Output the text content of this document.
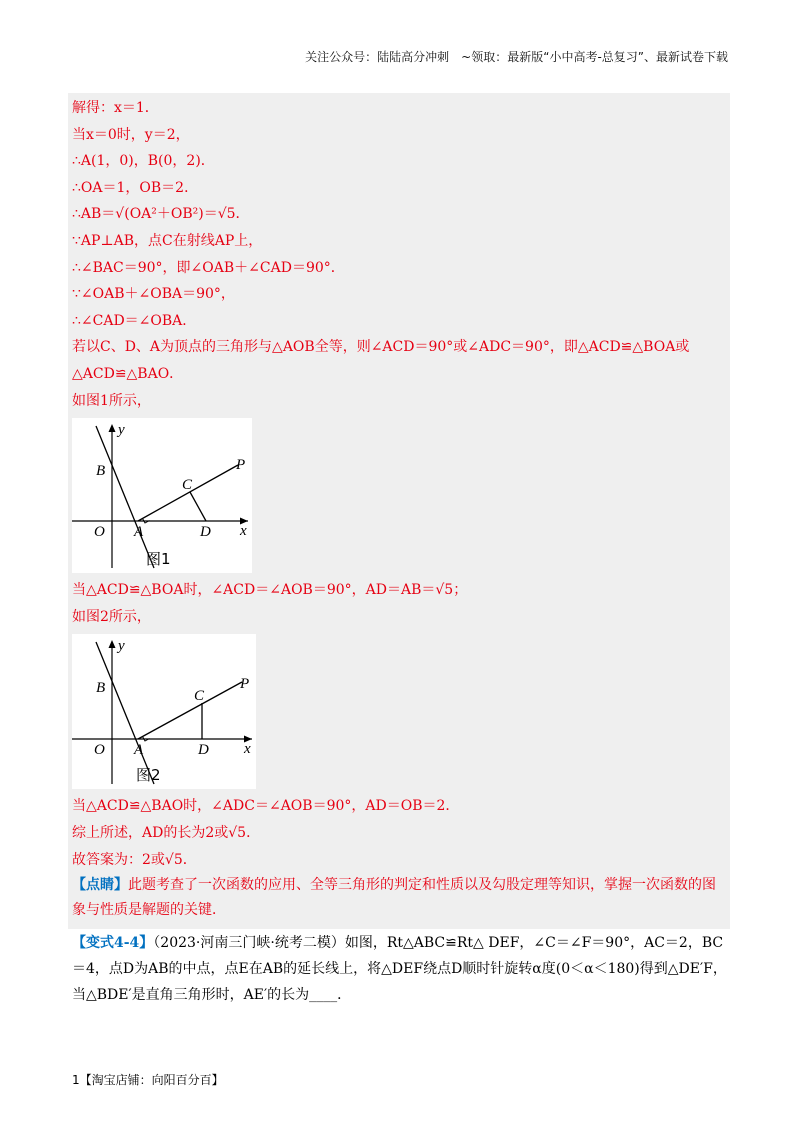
关注公众号：陆陆高分冲刺　~领取：最新版“小中高考-总复习”、最新试卷下载
解得：x＝1．
当x＝0时，y＝2，
∴A(1，0)，B(0，2)．
∴OA＝1，OB＝2．
∴AB＝√(OA²＋OB²)＝√5．
∵AP⊥AB，点C在射线AP上，
∴∠BAC＝90°，即∠OAB＋∠CAD＝90°．
∵∠OAB＋∠OBA＝90°，
∴∠CAD＝∠OBA．
若以C、D、A为顶点的三角形与△AOB全等，则∠ACD＝90°或∠ADC＝90°，即△ACD≌△BOA或
△ACD≌△BAO．
如图1所示，
y
B
C
P
O A	D x
图1
当△ACD≌△BOA时，∠ACD＝∠AOB＝90°，AD＝AB＝√5；
如图2所示，
y
B	C
P
O A	D x
图2
当△ACD≌△BAO时，∠ADC＝∠AOB＝90°，AD＝OB＝2．
综上所述，AD的长为2或√5．
故答案为：2或√5．
【点睛】此题考查了一次函数的应用、全等三角形的判定和性质以及勾股定理等知识，掌握一次函数的图象与性质是解题的关键．
【变式4-4】（2023·河南三门峡·统考二模）如图，Rt△ABC≌Rt△ DEF，∠C＝∠F＝90°，AC＝2，BC＝4，点D为AB的中点，点E在AB的延长线上，将△DEF绕点D顺时针旋转α度(0＜α＜180)得到△DE′F，当△BDE′是直角三角形时，AE′的长为____．
1【淘宝店铺：向阳百分百】
